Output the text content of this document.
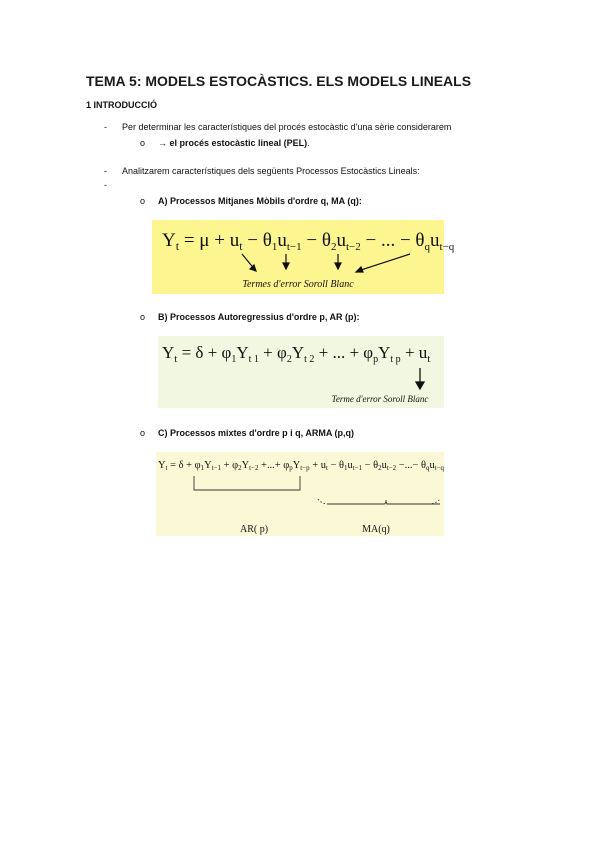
TEMA 5: MODELS ESTOCÀSTICS. ELS MODELS LINEALS
1 INTRODUCCIÓ
- Per determinar les característiques del procés estocàstic d'una sèrie considerarem
o → el procés estocàstic lineal (PEL).
- Analitzarem característiques dels següents Processos Estocàstics Lineals:
-
o A) Processos Mitjanes Mòbils d'ordre q, MA (q):
$Y_t = \mu + u_t - \theta_1u_{t-1} - \theta_2u_{t-2}$ − ... − $\theta_qu_{t-q}$
Termes d'error Soroll Blanc
o B) Processos Autoregressius d'ordre p, AR (p):
$Y_t = \delta + \varphi_1Y_{t 1} + \varphi_2Y_{t 2}$ + ... + $\varphi_pY_{t p} + u_t$
Terme d'error Soroll Blanc
o C) Processos mixtes d'ordre p i q, ARMA (p,q)
Yt = δ + φ1Yt−1 + φ2Yt−2 +...+ φpYt−p + ut − θ1ut−1 − θ2ut−2 −...− θqut−q
AR( p)	MA(q)
